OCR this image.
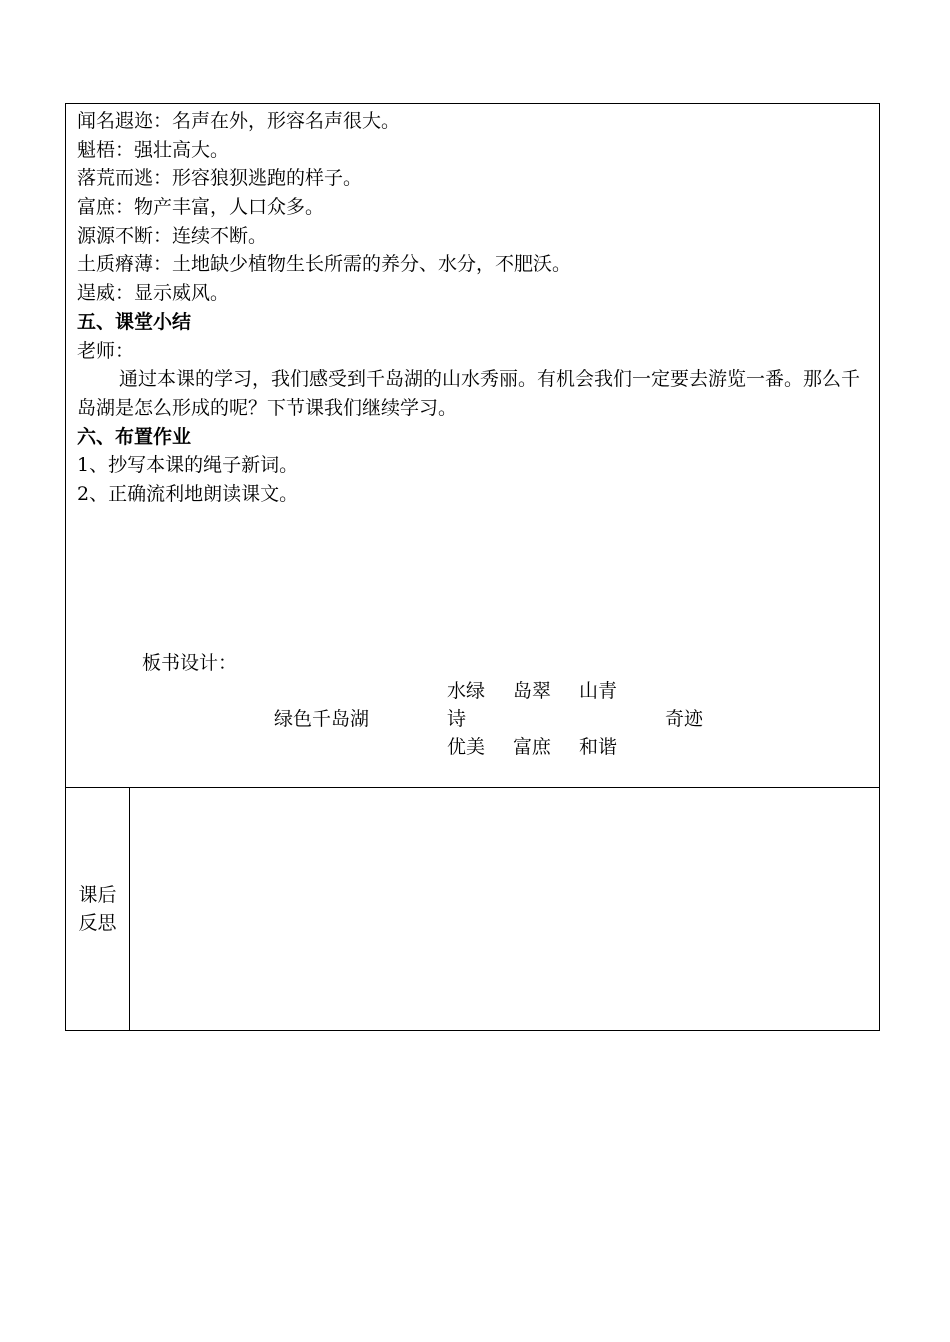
闻名遐迩：名声在外，形容名声很大。
魁梧：强壮高大。
落荒而逃：形容狼狈逃跑的样子。
富庶：物产丰富，人口众多。
源源不断：连续不断。
土质瘠薄：土地缺少植物生长所需的养分、水分，不肥沃。
逞威：显示威风。
五、课堂小结
老师：
通过本课的学习，我们感受到千岛湖的山水秀丽。有机会我们一定要去游览一番。那么千岛湖是怎么形成的呢？下节课我们继续学习。
六、布置作业
1、抄写本课的绳子新词。
2、正确流利地朗读课文。
板书设计：
绿色千岛湖
水绿 岛翠 山青
诗	奇迹
优美 富庶 和谐

课后反思
